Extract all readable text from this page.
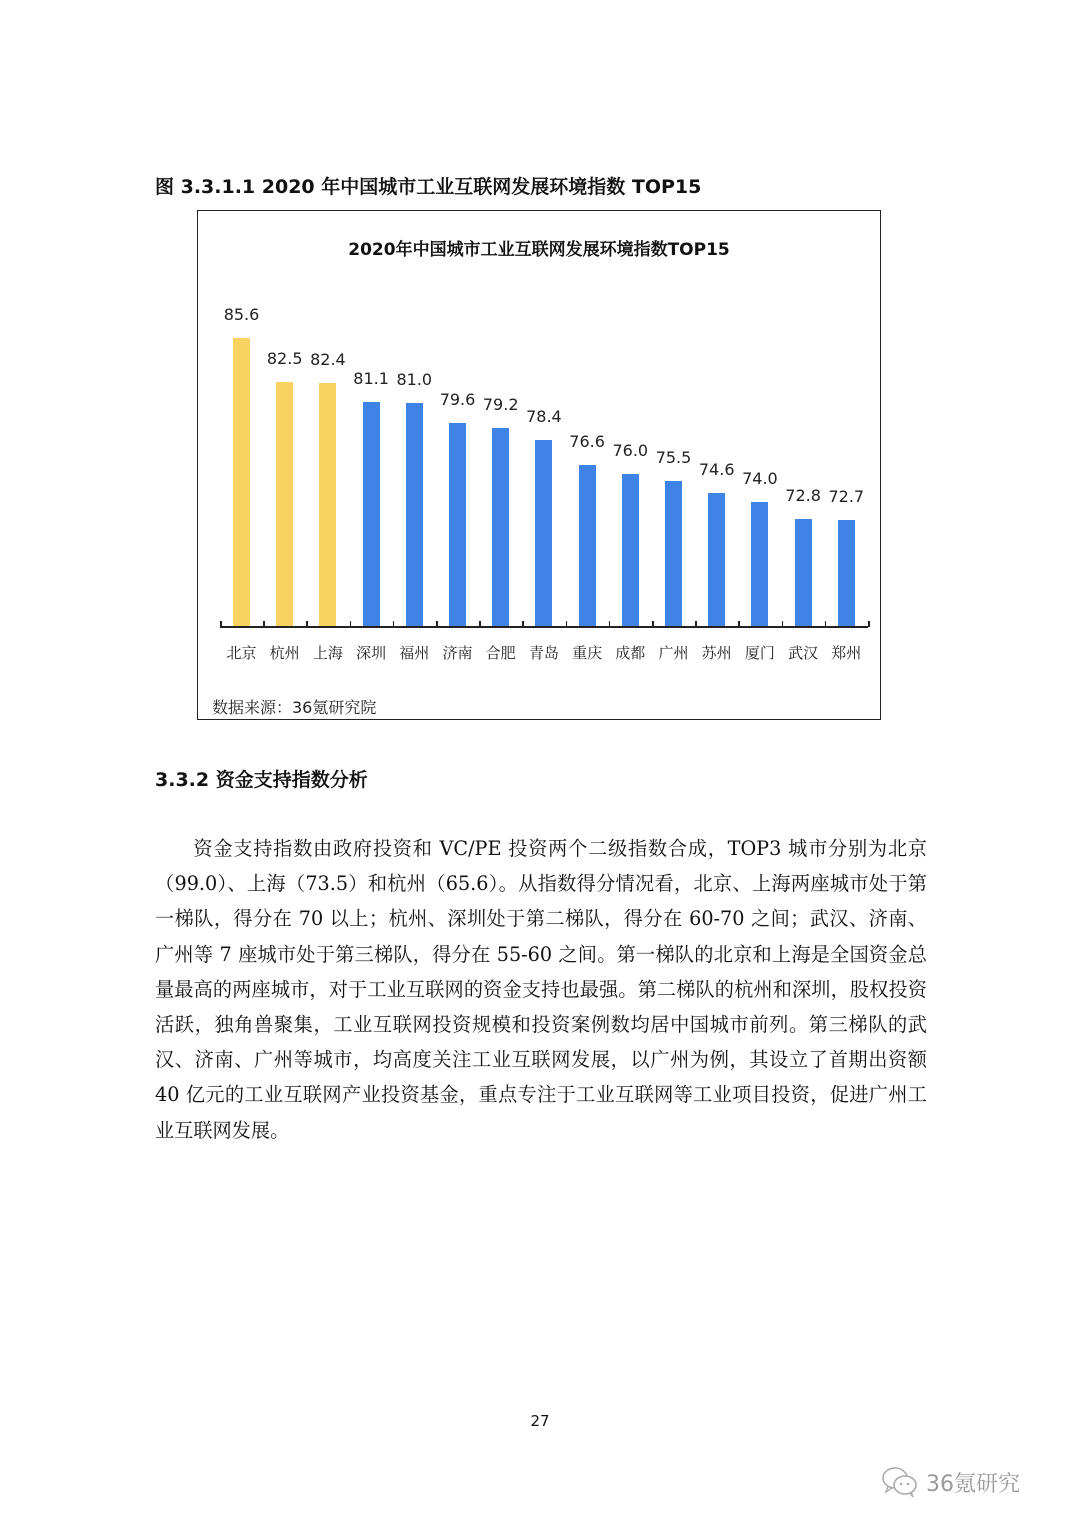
图 3.3.1.1 2020 年中国城市工业互联网发展环境指数 TOP15
2020年中国城市工业互联网发展环境指数TOP15
85.6
北京
82.5
杭州
82.4
上海
81.1
深圳
81.0
福州
79.6
济南
79.2
合肥
78.4
青岛
76.6
重庆
76.0
成都
75.5
广州
74.6
苏州
74.0
厦门
72.8
武汉
72.7
郑州
数据来源：36氪研究院
3.3.2 资金支持指数分析

资金支持指数由政府投资和 VC/PE 投资两个二级指数合成，TOP3 城市分别为北京（99.0）、上海（73.5）和杭州（65.6）。从指数得分情况看，北京、上海两座城市处于第一梯队，得分在 70 以上；杭州、深圳处于第二梯队，得分在 60-70 之间；武汉、济南、广州等 7 座城市处于第三梯队，得分在 55-60 之间。第一梯队的北京和上海是全国资金总量最高的两座城市，对于工业互联网的资金支持也最强。第二梯队的杭州和深圳，股权投资活跃，独角兽聚集，工业互联网投资规模和投资案例数均居中国城市前列。第三梯队的武汉、济南、广州等城市，均高度关注工业互联网发展，以广州为例，其设立了首期出资额 40 亿元的工业互联网产业投资基金，重点专注于工业互联网等工业项目投资，促进广州工业互联网发展。

27
36氪研究
